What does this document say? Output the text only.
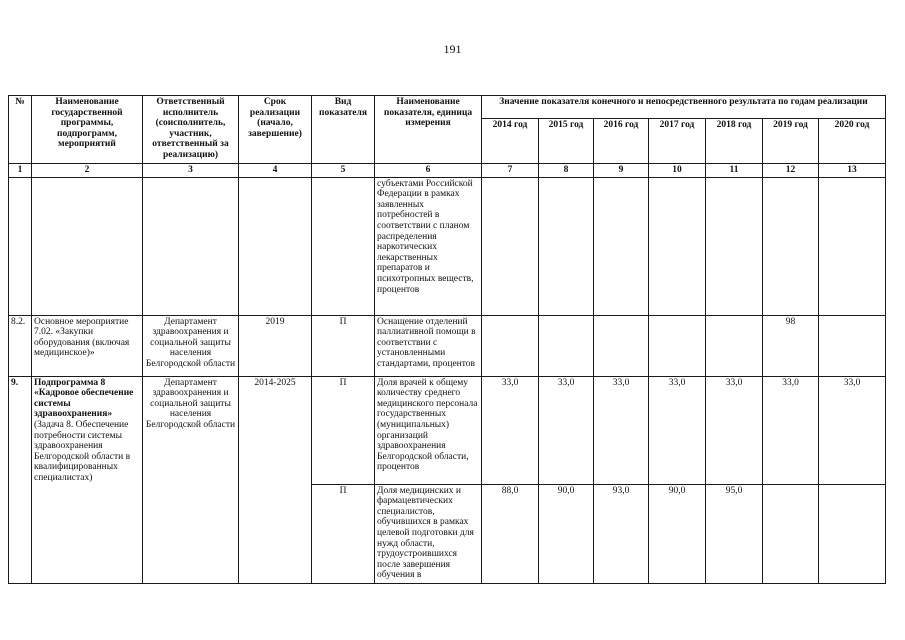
191
№	Наименование государственной программы, подпрограмм, мероприятий	Ответственный исполнитель (соисполнитель, участник, ответственный за реализацию)	Срок реализации (начало, завершение)	Вид показателя	Наименование показателя, единица измерения	Значение показателя конечного и непосредственного результата по годам реализации						
						2014 год	2015 год	2016 год	2017 год	2018 год	2019 год	2020 год
1	2	3	4	5	6	7	8	9	10	11	12	13
					субъектами Российской Федерации в рамках заявленных потребностей в соответствии с планом распределения наркотических лекарственных препаратов и психотропных веществ, процентов							
8.2.	Основное мероприятие 7.02. «Закупки оборудования (включая медицинское)»	Департамент здравоохранения и социальной защиты населения Белгородской области	2019	П	Оснащение отделений паллиативной помощи в соответствии с установленными стандартами, процентов						98	
9.	Подпрограмма 8 «Кадровое обеспечение системы здравоохранения» (Задача 8. Обеспечение потребности системы здравоохранения Белгородской области в квалифицированных специалистах)	Департамент здравоохранения и социальной защиты населения Белгородской области	2014-2025	П	Доля врачей к общему количеству среднего медицинского персонала государственных (муниципальных) организаций здравоохранения Белгородской области, процентов	33,0	33,0	33,0	33,0	33,0	33,0	33,0
				П	Доля медицинских и фармацевтических специалистов, обучившихся в рамках целевой подготовки для нужд области, трудоустроившихся после завершения обучения в	88,0	90,0	93,0	90,0	95,0		
